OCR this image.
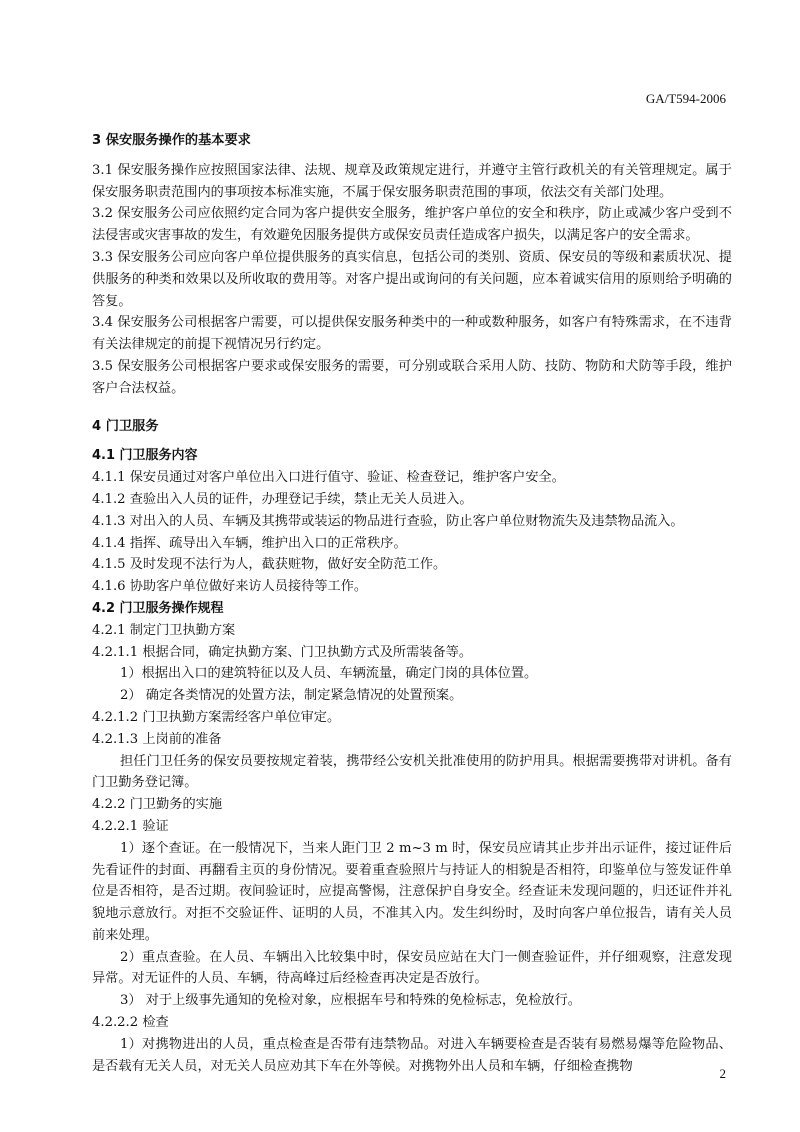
GA/T594-2006
3 保安服务操作的基本要求
3.1 保安服务操作应按照国家法律、法规、规章及政策规定进行，并遵守主管行政机关的有关管理规定。属于保安服务职责范围内的事项按本标准实施，不属于保安服务职责范围的事项，依法交有关部门处理。
3.2 保安服务公司应依照约定合同为客户提供安全服务，维护客户单位的安全和秩序，防止或减少客户受到不法侵害或灾害事故的发生，有效避免因服务提供方或保安员责任造成客户损失，以满足客户的安全需求。
3.3 保安服务公司应向客户单位提供服务的真实信息，包括公司的类别、资质、保安员的等级和素质状况、提供服务的种类和效果以及所收取的费用等。对客户提出或询问的有关问题，应本着诚实信用的原则给予明确的答复。
3.4 保安服务公司根据客户需要，可以提供保安服务种类中的一种或数种服务，如客户有特殊需求，在不违背有关法律规定的前提下视情况另行约定。
3.5 保安服务公司根据客户要求或保安服务的需要，可分别或联合采用人防、技防、物防和犬防等手段，维护客户合法权益。
4 门卫服务
4.1 门卫服务内容
4.1.1 保安员通过对客户单位出入口进行值守、验证、检查登记，维护客户安全。
4.1.2 查验出入人员的证件，办理登记手续，禁止无关人员进入。
4.1.3 对出入的人员、车辆及其携带或装运的物品进行查验，防止客户单位财物流失及违禁物品流入。
4.1.4 指挥、疏导出入车辆，维护出入口的正常秩序。
4.1.5 及时发现不法行为人，截获赃物，做好安全防范工作。
4.1.6 协助客户单位做好来访人员接待等工作。
4.2 门卫服务操作规程
4.2.1 制定门卫执勤方案
4.2.1.1 根据合同，确定执勤方案、门卫执勤方式及所需装备等。
1）根据出入口的建筑特征以及人员、车辆流量，确定门岗的具体位置。
2） 确定各类情况的处置方法，制定紧急情况的处置预案。
4.2.1.2 门卫执勤方案需经客户单位审定。
4.2.1.3 上岗前的准备
担任门卫任务的保安员要按规定着装，携带经公安机关批准使用的防护用具。根据需要携带对讲机。备有门卫勤务登记簿。
4.2.2 门卫勤务的实施
4.2.2.1 验证
1）逐个查证。在一般情况下，当来人距门卫 2 m~3 m 时，保安员应请其止步并出示证件，接过证件后先看证件的封面、再翻看主页的身份情况。要着重查验照片与持证人的相貌是否相符，印鉴单位与签发证件单位是否相符，是否过期。夜间验证时，应提高警惕，注意保护自身安全。经查证未发现问题的，归还证件并礼貌地示意放行。对拒不交验证件、证明的人员，不准其入内。发生纠纷时，及时向客户单位报告，请有关人员前来处理。
2）重点查验。在人员、车辆出入比较集中时，保安员应站在大门一侧查验证件，并仔细观察，注意发现异常。对无证件的人员、车辆，待高峰过后经检查再决定是否放行。
3） 对于上级事先通知的免检对象，应根据车号和特殊的免检标志，免检放行。
4.2.2.2 检查
1）对携物进出的人员，重点检查是否带有违禁物品。对进入车辆要检查是否装有易燃易爆等危险物品、是否载有无关人员，对无关人员应劝其下车在外等候。对携物外出人员和车辆，仔细检查携物	2
